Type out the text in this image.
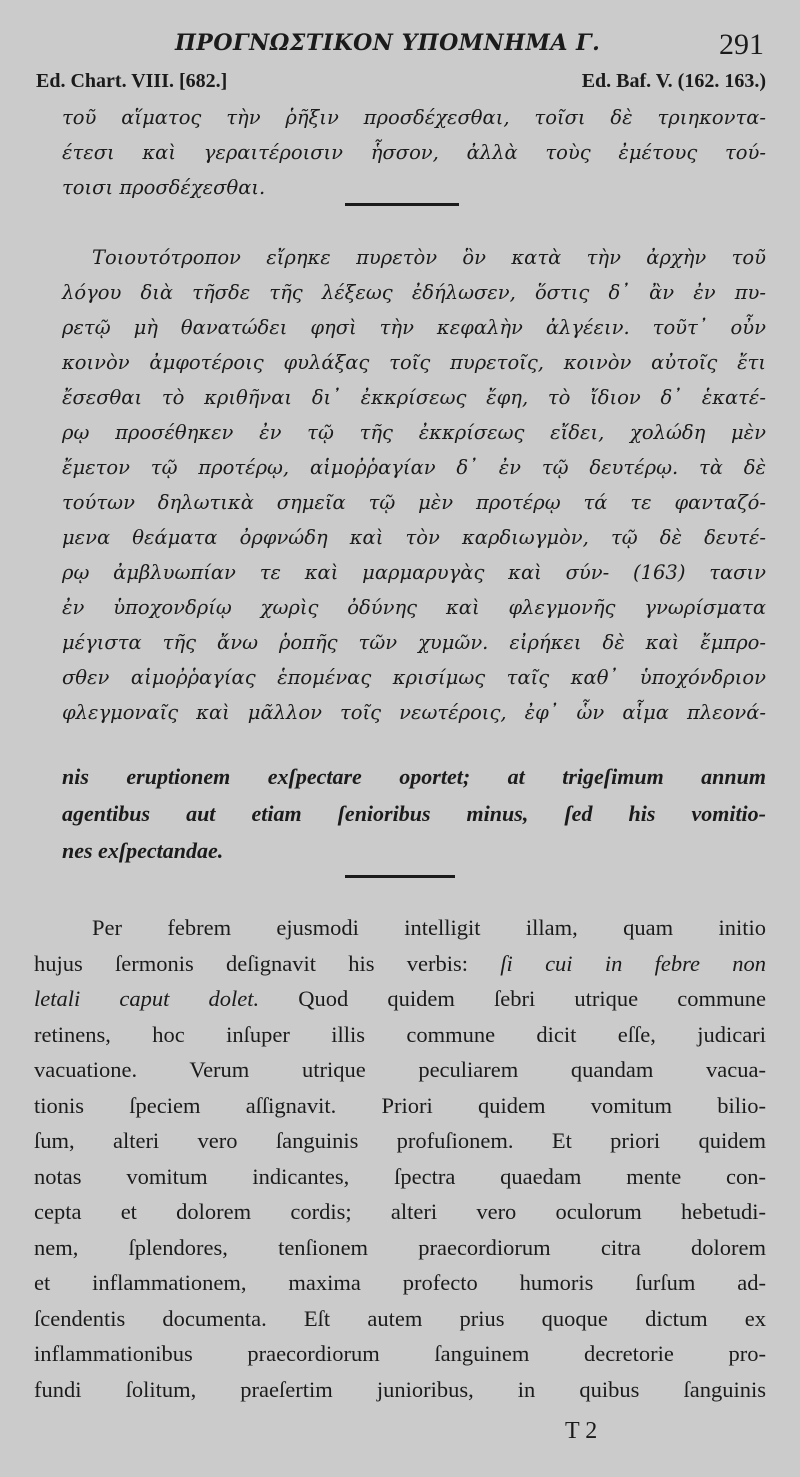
ΠΡΟΓΝΩΣΤΙΚΟΝ ΥΠΟΜΝΗΜΑ Γ.	291
Ed. Chart. VIII. [682.]	Ed. Baf. V. (162. 163.)
τοῦ αἵματος τὴν ῥῆξιν προσδέχεσθαι, τοῖσι δὲ τριηκοντα-
έτεσι καὶ γεραιτέροισιν ἧσσον, ἀλλὰ τοὺς ἐμέτους τού-
τοισι προσδέχεσθαι.
Τοιουτότροπον εἴρηκε πυρετὸν ὃν κατὰ τὴν ἀρχὴν τοῦ
λόγου διὰ τῆσδε τῆς λέξεως ἐδήλωσεν, ὅστις δ᾽ ἂν ἐν πυ-
ρετῷ μὴ θανατώδει φησὶ τὴν κεφαλὴν ἀλγέειν. τοῦτ᾽ οὖν
κοινὸν ἀμφοτέροις φυλάξας τοῖς πυρετοῖς, κοινὸν αὐτοῖς ἔτι
ἔσεσθαι τὸ κριθῆναι δι᾽ ἐκκρίσεως ἔφη, τὸ ἴδιον δ᾽ ἑκατέ-
ρῳ προσέθηκεν ἐν τῷ τῆς ἐκκρίσεως εἴδει, χολώδη μὲν
ἔμετον τῷ προτέρῳ, αἱμοῤῥαγίαν δ᾽ ἐν τῷ δευτέρῳ. τὰ δὲ
τούτων δηλωτικὰ σημεῖα τῷ μὲν προτέρῳ τά τε φανταζό-
μενα θεάματα ὀρφνώδη καὶ τὸν καρδιωγμὸν, τῷ δὲ δευτέ-
ρῳ ἀμβλυωπίαν τε καὶ μαρμαρυγὰς καὶ σύν- (163) τασιν
ἐν ὑποχονδρίῳ χωρὶς ὀδύνης καὶ φλεγμονῆς γνωρίσματα
μέγιστα τῆς ἄνω ῥοπῆς τῶν χυμῶν. εἰρήκει δὲ καὶ ἔμπρο-
σθεν αἱμοῤῥαγίας ἑπομένας κρισίμως ταῖς καθ᾽ ὑποχόνδριον
φλεγμοναῖς καὶ μᾶλλον τοῖς νεωτέροις, ἐφ᾽ ὧν αἷμα πλεονά-
nis eruptionem exſpectare oportet; at trigeſimum annum
agentibus aut etiam ſenioribus minus, ſed his vomitio-
nes exſpectandae.
Per febrem ejusmodi intelligit illam, quam initio
hujus ſermonis deſignavit his verbis: ſi cui in febre non
letali caput dolet. Quod quidem ſebri utrique commune
retinens, hoc inſuper illis commune dicit eſſe, judicari
vacuatione. Verum utrique peculiarem quandam vacua-
tionis ſpeciem aſſignavit. Priori quidem vomitum bilio-
ſum, alteri vero ſanguinis profuſionem. Et priori quidem
notas vomitum indicantes, ſpectra quaedam mente con-
cepta et dolorem cordis; alteri vero oculorum hebetudi-
nem, ſplendores, tenſionem praecordiorum citra dolorem
et inflammationem, maxima profecto humoris ſurſum ad-
ſcendentis documenta. Eſt autem prius quoque dictum ex
inflammationibus praecordiorum ſanguinem decretorie pro-
fundi ſolitum, praeſertim junioribus, in quibus ſanguinis
T 2
